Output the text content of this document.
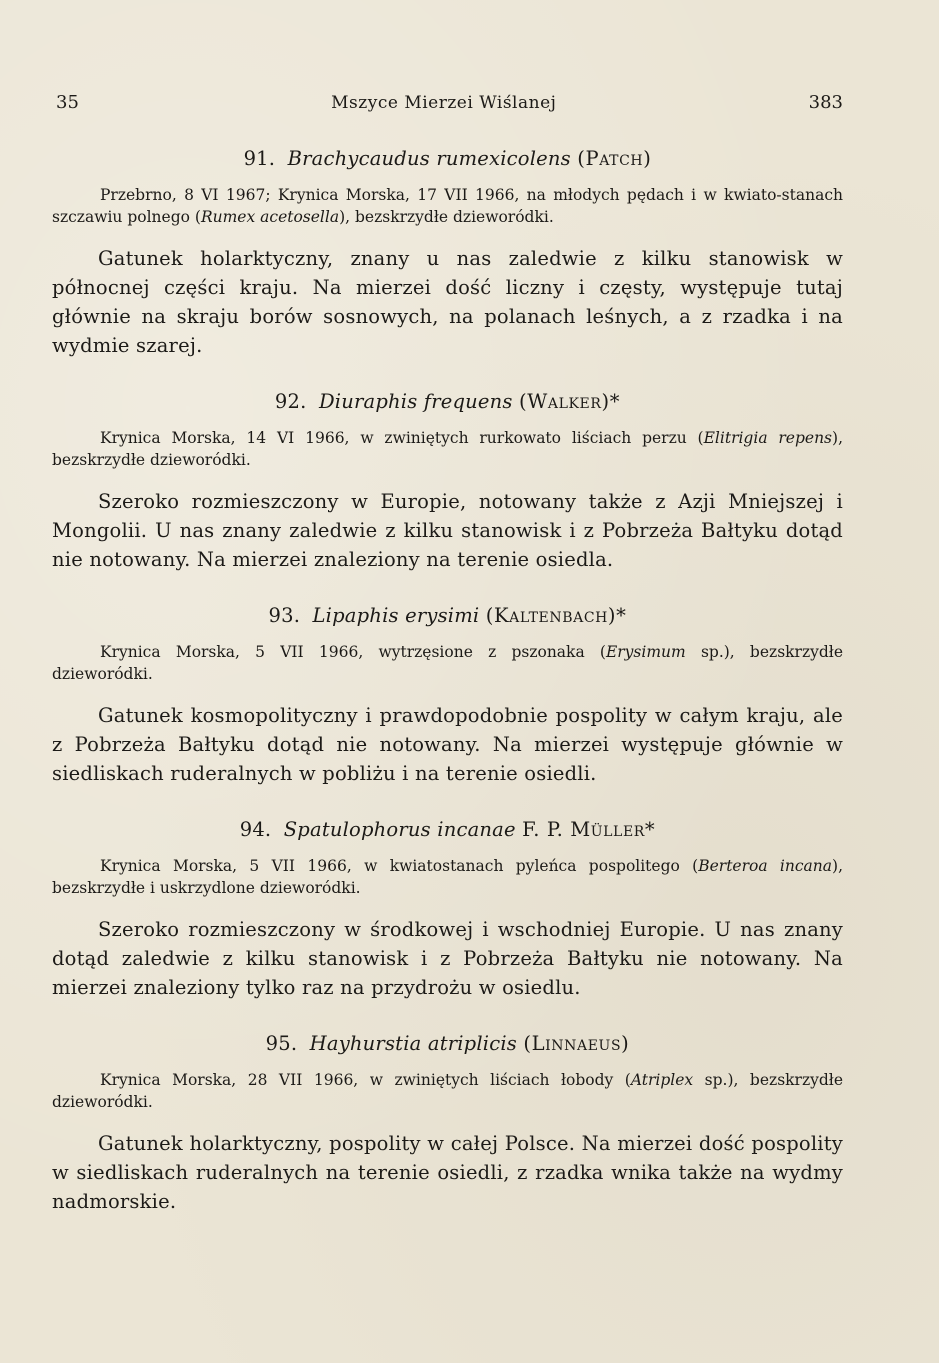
35	Mszyce Mierzei Wiślanej	383
91. Brachycaudus rumexicolens (Patch)

Przebrno, 8 VI 1967; Krynica Morska, 17 VII 1966, na młodych pędach i w kwiato-stanach szczawiu polnego (Rumex acetosella), bezskrzydłe dzieworódki.

Gatunek holarktyczny, znany u nas zaledwie z kilku stanowisk w północnej części kraju. Na mierzei dość liczny i częsty, występuje tutaj głównie na skraju borów sosnowych, na polanach leśnych, a z rzadka i na wydmie szarej.

92. Diuraphis frequens (Walker)*

Krynica Morska, 14 VI 1966, w zwiniętych rurkowato liściach perzu (Elitrigia repens), bezskrzydłe dzieworódki.

Szeroko rozmieszczony w Europie, notowany także z Azji Mniejszej i Mongolii. U nas znany zaledwie z kilku stanowisk i z Pobrzeża Bałtyku dotąd nie notowany. Na mierzei znaleziony na terenie osiedla.

93. Lipaphis erysimi (Kaltenbach)*

Krynica Morska, 5 VII 1966, wytrzęsione z pszonaka (Erysimum sp.), bezskrzydłe dzieworódki.

Gatunek kosmopolityczny i prawdopodobnie pospolity w całym kraju, ale z Pobrzeża Bałtyku dotąd nie notowany. Na mierzei występuje głównie w siedliskach ruderalnych w pobliżu i na terenie osiedli.

94. Spatulophorus incanae F. P. Müller*

Krynica Morska, 5 VII 1966, w kwiatostanach pyleńca pospolitego (Berteroa incana), bezskrzydłe i uskrzydlone dzieworódki.

Szeroko rozmieszczony w środkowej i wschodniej Europie. U nas znany dotąd zaledwie z kilku stanowisk i z Pobrzeża Bałtyku nie notowany. Na mierzei znaleziony tylko raz na przydrożu w osiedlu.

95. Hayhurstia atriplicis (Linnaeus)

Krynica Morska, 28 VII 1966, w zwiniętych liściach łobody (Atriplex sp.), bezskrzydłe dzieworódki.

Gatunek holarktyczny, pospolity w całej Polsce. Na mierzei dość pospolity w siedliskach ruderalnych na terenie osiedli, z rzadka wnika także na wydmy nadmorskie.
